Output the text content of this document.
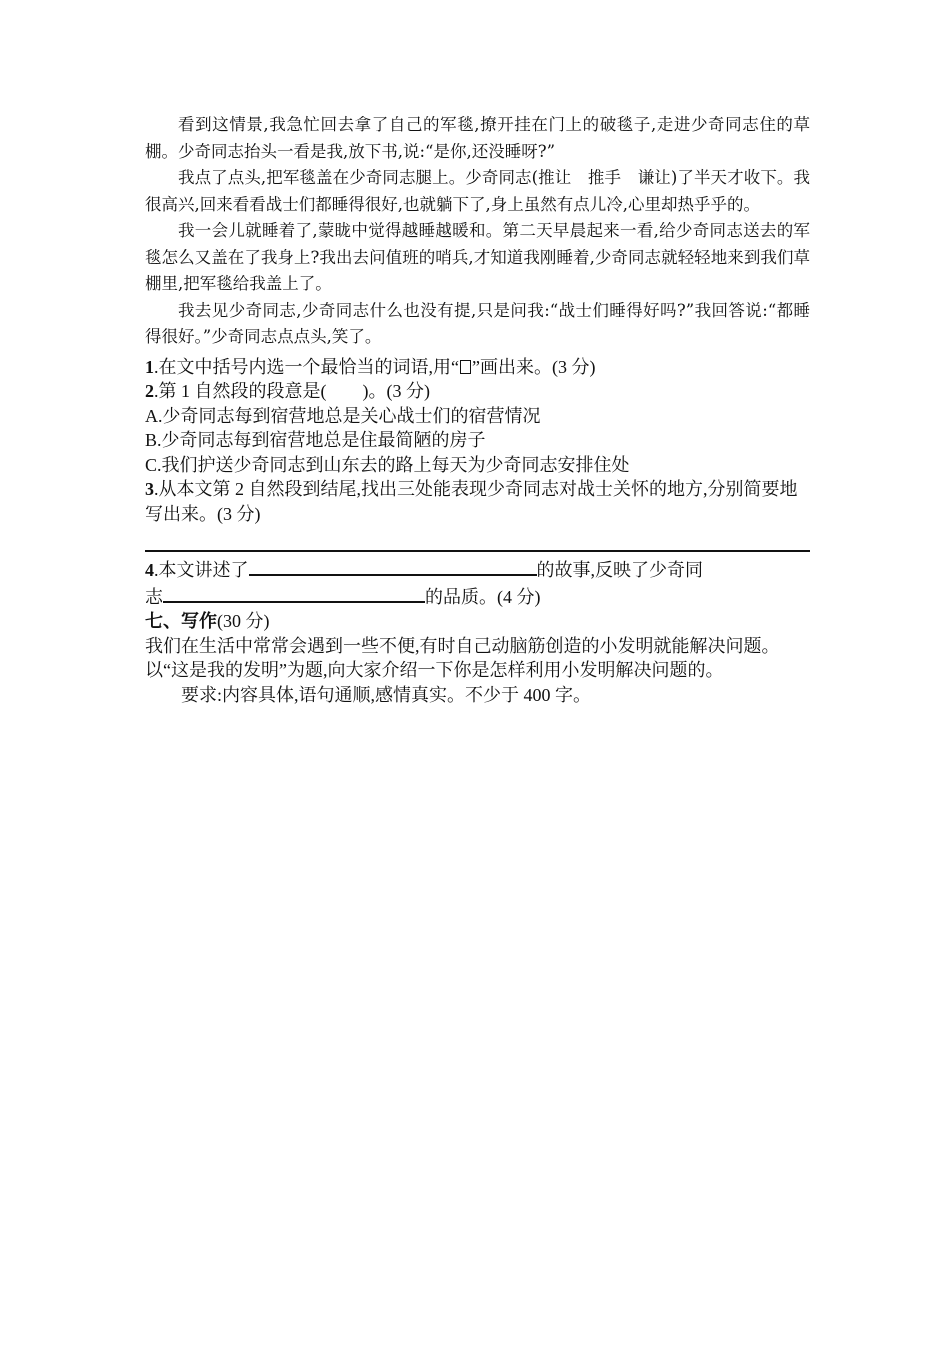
看到这情景,我急忙回去拿了自己的军毯,撩开挂在门上的破毯子,走进少奇同志住的草棚。少奇同志抬头一看是我,放下书,说:“是你,还没睡呀?”

我点了点头,把军毯盖在少奇同志腿上。少奇同志(推让　推手　谦让)了半天才收下。我很高兴,回来看看战士们都睡得很好,也就躺下了,身上虽然有点儿冷,心里却热乎乎的。

我一会儿就睡着了,蒙眬中觉得越睡越暖和。第二天早晨起来一看,给少奇同志送去的军毯怎么又盖在了我身上?我出去问值班的哨兵,才知道我刚睡着,少奇同志就轻轻地来到我们草棚里,把军毯给我盖上了。

我去见少奇同志,少奇同志什么也没有提,只是问我:“战士们睡得好吗?”我回答说:“都睡得很好。”少奇同志点点头,笑了。

1.在文中括号内选一个最恰当的词语,用“ ”画出来。(3 分)

2.第 1 自然段的段意是(　　)。(3 分)

A.少奇同志每到宿营地总是关心战士们的宿营情况

B.少奇同志每到宿营地总是住最简陋的房子

C.我们护送少奇同志到山东去的路上每天为少奇同志安排住处

3.从本文第 2 自然段到结尾,找出三处能表现少奇同志对战士关怀的地方,分别简要地写出来。(3 分)

4.本文讲述了	的故事,反映了少奇同

志	的品质。(4 分)

七、写作(30 分)

我们在生活中常常会遇到一些不便,有时自己动脑筋创造的小发明就能解决问题。以“这是我的发明”为题,向大家介绍一下你是怎样利用小发明解决问题的。

要求:内容具体,语句通顺,感情真实。不少于 400 字。
